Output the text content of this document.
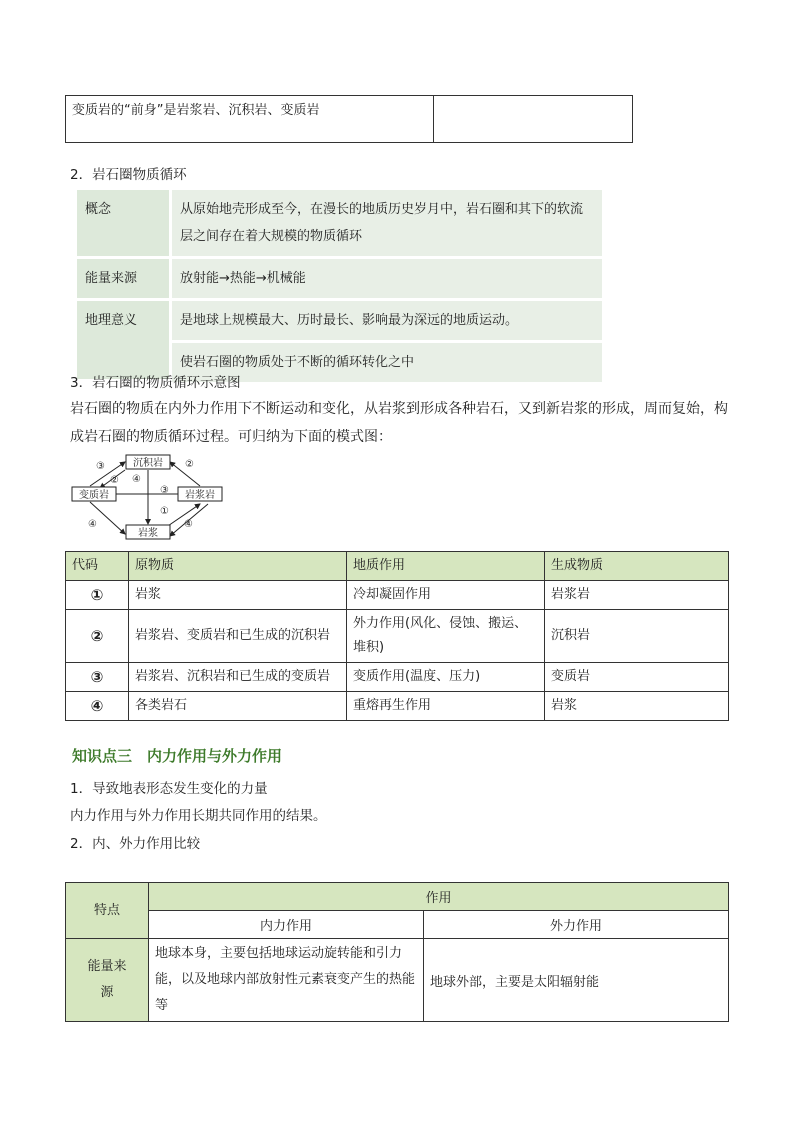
变质岩的“前身”是岩浆岩、沉积岩、变质岩	
2．岩石圈物质循环
概念	从原始地壳形成至今，在漫长的地质历史岁月中，岩石圈和其下的软流层之间存在着大规模的物质循环
能量来源	放射能→热能→机械能
地理意义	是地球上规模最大、历时最长、影响最为深远的地质运动。
	使岩石圈的物质处于不断的循环转化之中
3．岩石圈的物质循环示意图
岩石圈的物质在内外力作用下不断运动和变化，从岩浆到形成各种岩石，又到新岩浆的形成，周而复始，构成岩石圈的物质循环过程。可归纳为下面的模式图：
沉积岩
变质岩	岩浆岩
岩浆
③
④
②
①
②
③
④	④
代码	原物质	地质作用	生成物质
①	岩浆	冷却凝固作用	岩浆岩
②	岩浆岩、变质岩和已生成的沉积岩	外力作用(风化、侵蚀、搬运、堆积)	沉积岩
③	岩浆岩、沉积岩和已生成的变质岩	变质作用(温度、压力)	变质岩
④	各类岩石	重熔再生作用	岩浆
知识点三　内力作用与外力作用
1．导致地表形态发生变化的力量
内力作用与外力作用长期共同作用的结果。
2．内、外力作用比较
特点	作用	
	内力作用	外力作用
能量来源	地球本身，主要包括地球运动旋转能和引力能，以及地球内部放射性元素衰变产生的热能等	地球外部，主要是太阳辐射能
